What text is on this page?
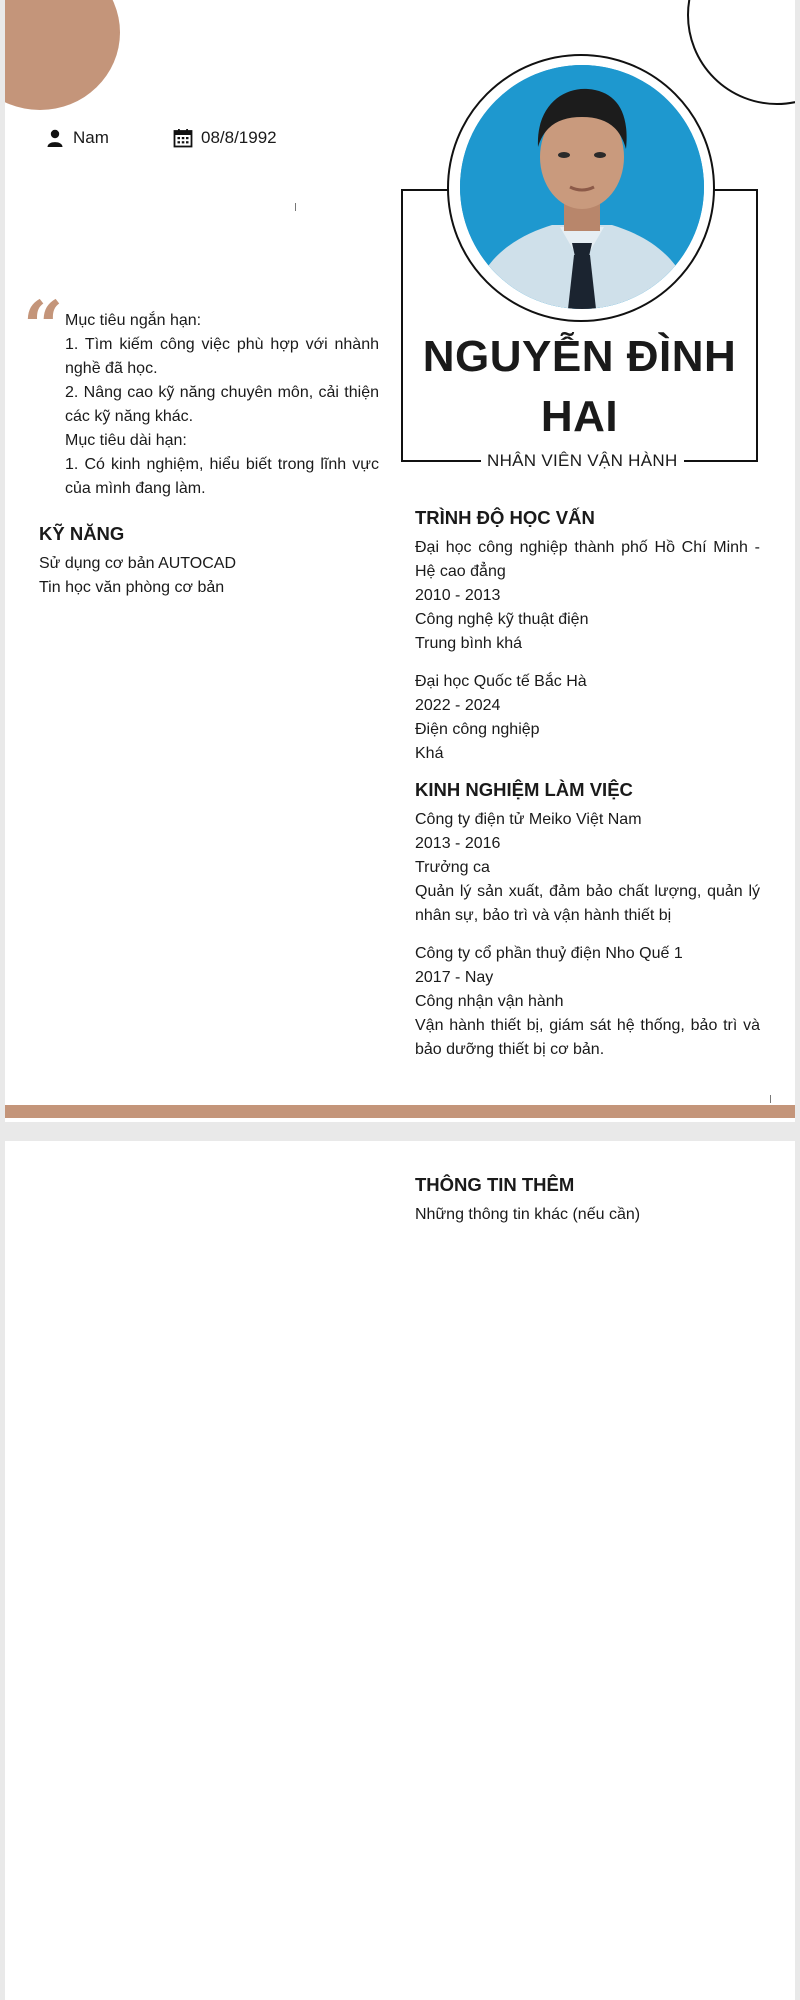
Nam	08/8/1992
“ Mục tiêu ngắn hạn:

1. Tìm kiếm công việc phù hợp với nhành nghề đã học.

2. Nâng cao kỹ năng chuyên môn, cải thiện các kỹ năng khác.

Mục tiêu dài hạn:

1. Có kinh nghiệm, hiểu biết trong lĩnh vực của mình đang làm.

KỸ NĂNG
Sử dụng cơ bản AUTOCAD
Tin học văn phòng cơ bản
NGUYỄN ĐÌNH HAI
NHÂN VIÊN VẬN HÀNH
TRÌNH ĐỘ HỌC VẤN

Đại học công nghiệp thành phố Hồ Chí Minh - Hệ cao đẳng

2010 - 2013

Công nghệ kỹ thuật điện

Trung bình khá

Đại học Quốc tế Bắc Hà

2022 - 2024

Điện công nghiệp

Khá

KINH NGHIỆM LÀM VIỆC

Công ty điện tử Meiko Việt Nam

2013 - 2016

Trưởng ca

Quản lý sản xuất, đảm bảo chất lượng, quản lý nhân sự, bảo trì và vận hành thiết bị

Công ty cổ phần thuỷ điện Nho Quế 1

2017 - Nay

Công nhận vận hành

Vận hành thiết bị, giám sát hệ thống, bảo trì và bảo dưỡng thiết bị cơ bản.

THÔNG TIN THÊM

Những thông tin khác (nếu cần)
